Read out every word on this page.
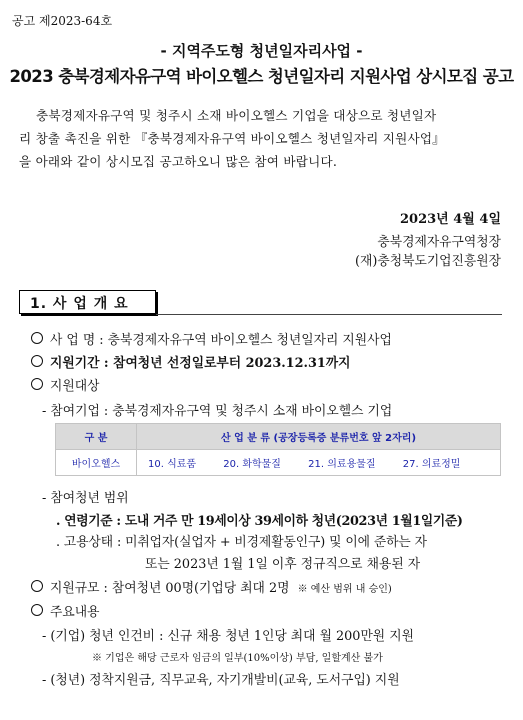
공고 제2023-64호
- 지역주도형 청년일자리사업 -
2023 충북경제자유구역 바이오헬스 청년일자리 지원사업 상시모집 공고
충북경제자유구역 및 청주시 소재 바이오헬스 기업을 대상으로 청년일자
리 창출 촉진을 위한 『충북경제자유구역 바이오헬스 청년일자리 지원사업』
을 아래와 같이 상시모집 공고하오니 많은 참여 바랍니다.
2023년 4월 4일
충북경제자유구역청장
(재)충청북도기업진흥원장
1. 사 업 개 요
사 업 명 : 충북경제자유구역 바이오헬스 청년일자리 지원사업
지원기간 : 참여청년 선정일로부터 2023.12.31까지
지원대상
- 참여기업 : 충북경제자유구역 및 청주시 소재 바이오헬스 기업
구 분	산 업 분 류 (공장등록증 분류번호 앞 2자리)
바이오헬스	10. 식료품 20. 화학물질 21. 의료용물질 27. 의료정밀
- 참여청년 범위
. 연령기준 : 도내 거주 만 19세이상 39세이하 청년(2023년 1월1일기준)
. 고용상태 : 미취업자(실업자 + 비경제활동인구) 및 이에 준하는 자
또는 2023년 1월 1일 이후 정규직으로 채용된 자
지원규모 : 참여청년 00명(기업당 최대 2명 ※ 예산 범위 내 승인)
주요내용
- (기업) 청년 인건비 : 신규 채용 청년 1인당 최대 월 200만원 지원
※ 기업은 해당 근로자 임금의 일부(10%이상) 부담, 일할계산 불가
- (청년) 정착지원금, 직무교육, 자기개발비(교육, 도서구입) 지원
